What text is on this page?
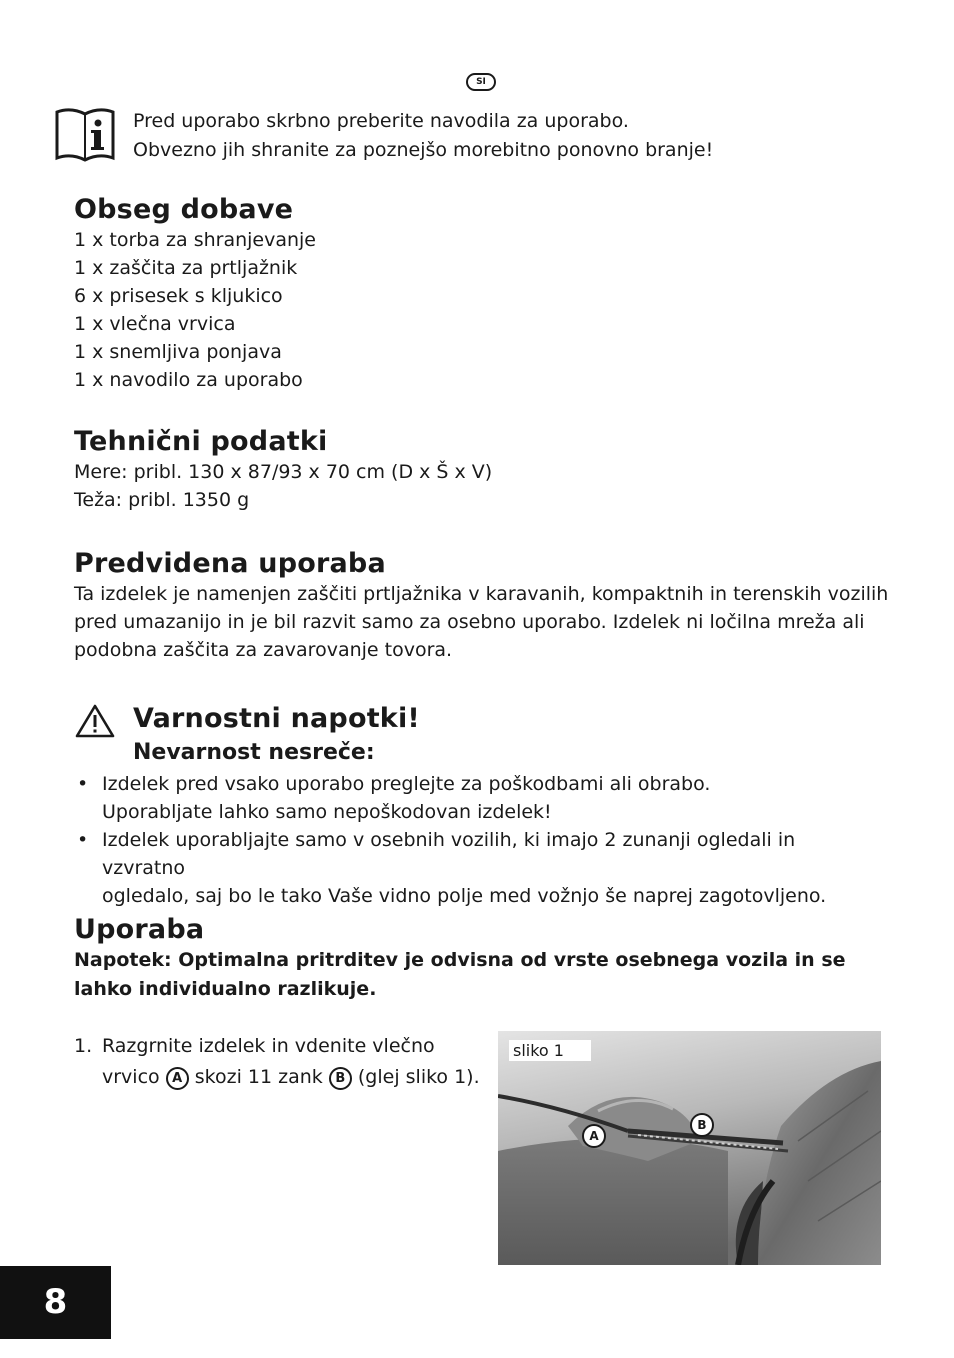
SI
Pred uporabo skrbno preberite navodila za uporabo.
Obvezno jih shranite za poznejšo morebitno ponovno branje!
Obseg dobave
1 x torba za shranjevanje
1 x zaščita za prtljažnik
6 x prisesek s kljukico
1 x vlečna vrvica
1 x snemljiva ponjava
1 x navodilo za uporabo
Tehnični podatki
Mere: pribl. 130 x 87/93 x 70 cm (D x Š x V)
Teža: pribl. 1350 g
Predvidena uporaba
Ta izdelek je namenjen zaščiti prtljažnika v karavanih, kompaktnih in terenskih vozilih
pred umazanijo in je bil razvit samo za osebno uporabo. Izdelek ni ločilna mreža ali
podobna zaščita za zavarovanje tovora.
Varnostni napotki!
Nevarnost nesreče:
• Izdelek pred vsako uporabo preglejte za poškodbami ali obrabo.
Uporabljate lahko samo nepoškodovan izdelek!
• Izdelek uporabljajte samo v osebnih vozilih, ki imajo 2 zunanji ogledali in vzvratno
ogledalo, saj bo le tako Vaše vidno polje med vožnjo še naprej zagotovljeno.
Uporaba
Napotek: Optimalna pritrditev je odvisna od vrste osebnega vozila in se
lahko individualno razlikuje.
1. Razgrnite izdelek in vdenite vlečno
vrvico A skozi 11 zank B (glej sliko 1).
sliko 1
A
B
8
